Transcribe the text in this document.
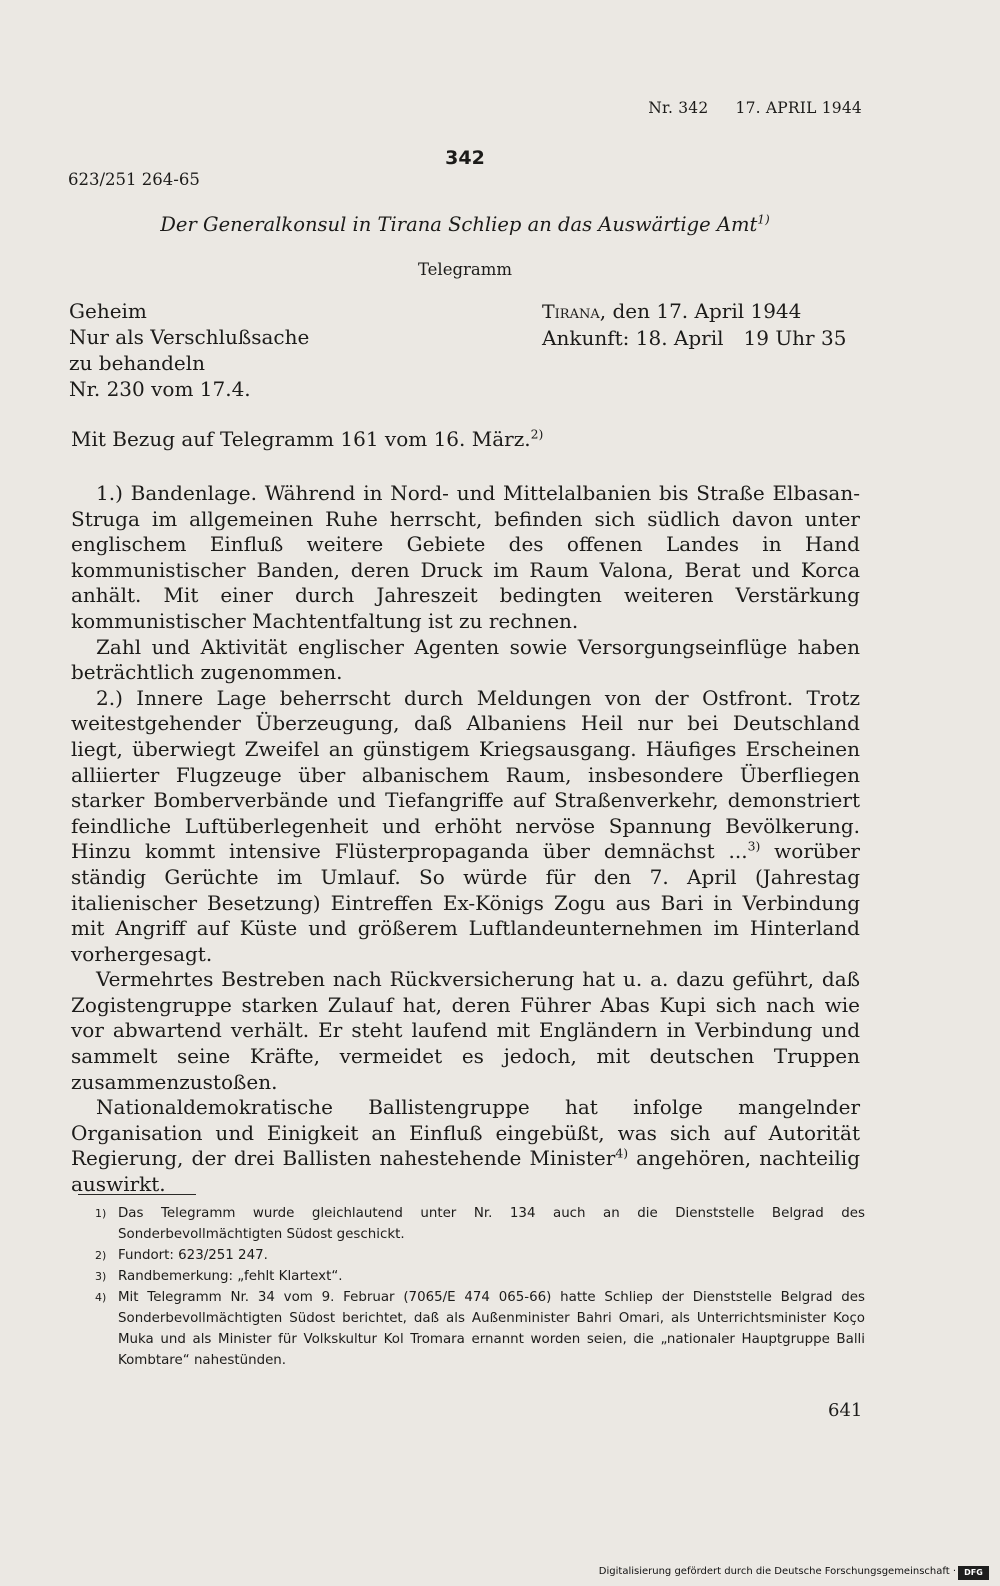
Nr. 342 17. APRIL 1944
342
623/251 264-65
Der Generalkonsul in Tirana Schliep an das Auswärtige Amt$^{1)}$
Telegramm
Geheim
Nur als Verschlußsache
zu behandeln
Nr. 230 vom 17.4.
Tirana, den 17. April 1944
Ankunft: 18. April 19 Uhr 35
Mit Bezug auf Telegramm 161 vom 16. März.$^{2)}$

1.) Bandenlage. Während in Nord- und Mittelalbanien bis Straße Elbasan-Struga im allgemeinen Ruhe herrscht, befinden sich südlich davon unter englischem Einfluß weitere Gebiete des offenen Landes in Hand kommunistischer Banden, deren Druck im Raum Valona, Berat und Korca anhält. Mit einer durch Jahreszeit bedingten weiteren Verstärkung kommunistischer Machtentfaltung ist zu rechnen.

Zahl und Aktivität englischer Agenten sowie Versorgungseinflüge haben beträchtlich zugenommen.

2.) Innere Lage beherrscht durch Meldungen von der Ostfront. Trotz weitestgehender Überzeugung, daß Albaniens Heil nur bei Deutschland liegt, überwiegt Zweifel an günstigem Kriegsausgang. Häufiges Erscheinen alliierter Flugzeuge über albanischem Raum, insbesondere Überfliegen starker Bomberverbände und Tiefangriffe auf Straßenverkehr, demonstriert feindliche Luftüberlegenheit und erhöht nervöse Spannung Bevölkerung. Hinzu kommt intensive Flüsterpropaganda über demnächst ...$^{3)}$ worüber ständig Gerüchte im Umlauf. So würde für den 7. April (Jahrestag italienischer Besetzung) Eintreffen Ex-Königs Zogu aus Bari in Verbindung mit Angriff auf Küste und größerem Luftlandeunternehmen im Hinterland vorhergesagt.

Vermehrtes Bestreben nach Rückversicherung hat u. a. dazu geführt, daß Zogistengruppe starken Zulauf hat, deren Führer Abas Kupi sich nach wie vor abwartend verhält. Er steht laufend mit Engländern in Verbindung und sammelt seine Kräfte, vermeidet es jedoch, mit deutschen Truppen zusammenzustoßen.

Nationaldemokratische Ballistengruppe hat infolge mangelnder Organisation und Einigkeit an Einfluß eingebüßt, was sich auf Autorität Regierung, der drei Ballisten nahestehende Minister$^{4)}$ angehören, nachteilig auswirkt.

1) Das Telegramm wurde gleichlautend unter Nr. 134 auch an die Dienststelle Belgrad des Sonderbevollmächtigten Südost geschickt.
2) Fundort: 623/251 247.
3) Randbemerkung: „fehlt Klartext“.
4) Mit Telegramm Nr. 34 vom 9. Februar (7065/E 474 065-66) hatte Schliep der Dienststelle Belgrad des Sonderbevollmächtigten Südost berichtet, daß als Außenminister Bahri Omari, als Unterrichtsminister Koço Muka und als Minister für Volkskultur Kol Tromara ernannt worden seien, die „nationaler Hauptgruppe Balli Kombtare“ nahestünden.
641
Digitalisierung gefördert durch die Deutsche Forschungsgemeinschaft ·	DFG
